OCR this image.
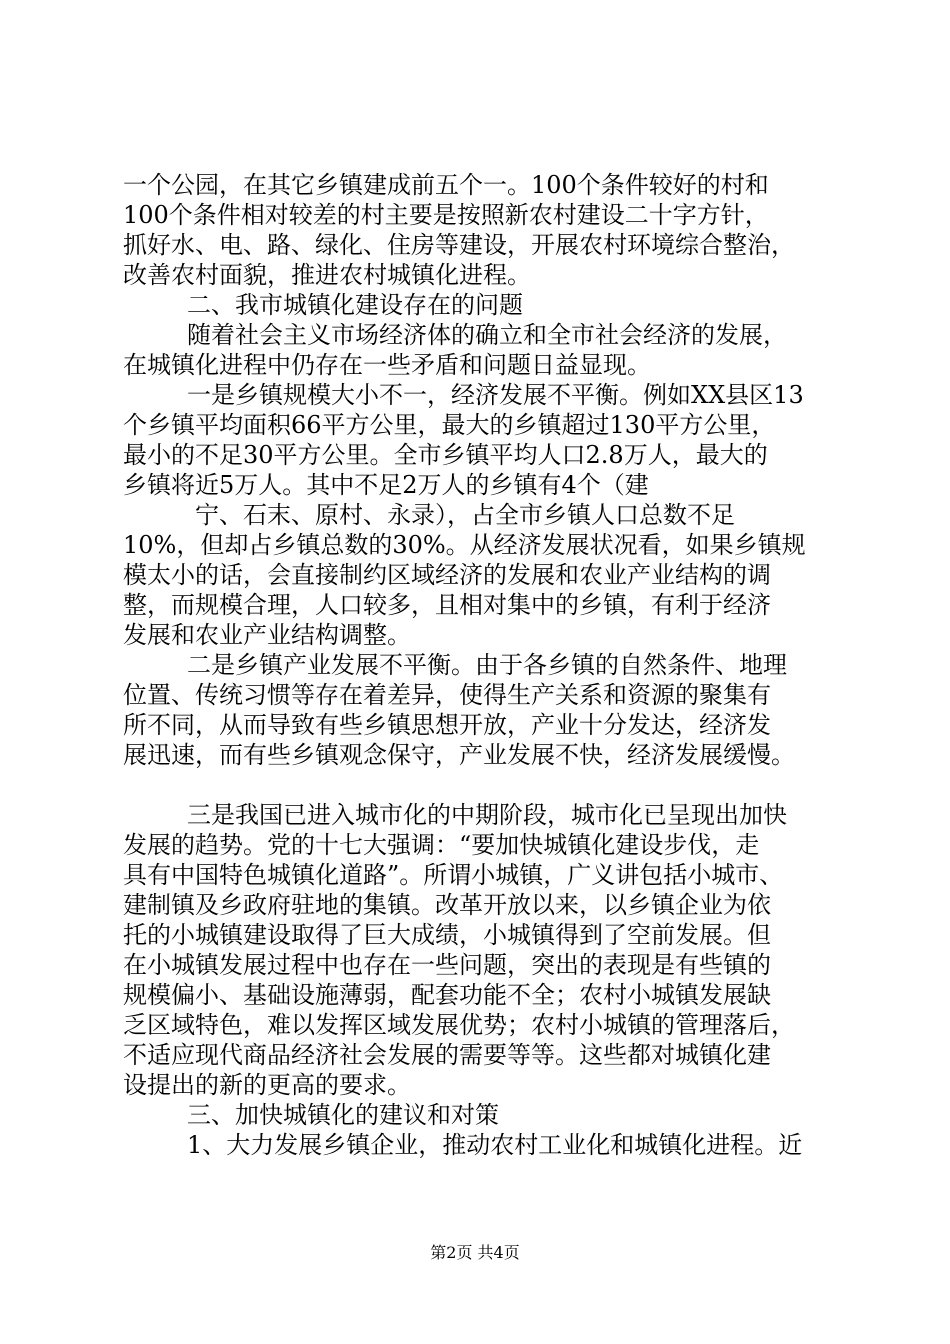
一个公园，在其它乡镇建成前五个一。100个条件较好的村和
100个条件相对较差的村主要是按照新农村建设二十字方针，
抓好水、电、路、绿化、住房等建设，开展农村环境综合整治，
改善农村面貌，推进农村城镇化进程。
二、我市城镇化建设存在的问题
随着社会主义市场经济体的确立和全市社会经济的发展，
在城镇化进程中仍存在一些矛盾和问题日益显现。
一是乡镇规模大小不一，经济发展不平衡。例如XX县区13
个乡镇平均面积66平方公里，最大的乡镇超过130平方公里，
最小的不足30平方公里。全市乡镇平均人口2.8万人，最大的
乡镇将近5万人。其中不足2万人的乡镇有4个（建
宁、石末、原村、永录），占全市乡镇人口总数不足
10%，但却占乡镇总数的30%。从经济发展状况看，如果乡镇规
模太小的话，会直接制约区域经济的发展和农业产业结构的调
整，而规模合理，人口较多，且相对集中的乡镇，有利于经济
发展和农业产业结构调整。
二是乡镇产业发展不平衡。由于各乡镇的自然条件、地理
位置、传统习惯等存在着差异，使得生产关系和资源的聚集有
所不同，从而导致有些乡镇思想开放，产业十分发达，经济发
展迅速，而有些乡镇观念保守，产业发展不快，经济发展缓慢。
三是我国已进入城市化的中期阶段，城市化已呈现出加快
发展的趋势。党的十七大强调：“要加快城镇化建设步伐，走
具有中国特色城镇化道路”。所谓小城镇，广义讲包括小城市、
建制镇及乡政府驻地的集镇。改革开放以来，以乡镇企业为依
托的小城镇建设取得了巨大成绩，小城镇得到了空前发展。但
在小城镇发展过程中也存在一些问题，突出的表现是有些镇的
规模偏小、基础设施薄弱，配套功能不全；农村小城镇发展缺
乏区域特色，难以发挥区域发展优势；农村小城镇的管理落后，
不适应现代商品经济社会发展的需要等等。这些都对城镇化建
设提出的新的更高的要求。
三、加快城镇化的建议和对策
1、大力发展乡镇企业，推动农村工业化和城镇化进程。近
第2页 共4页
